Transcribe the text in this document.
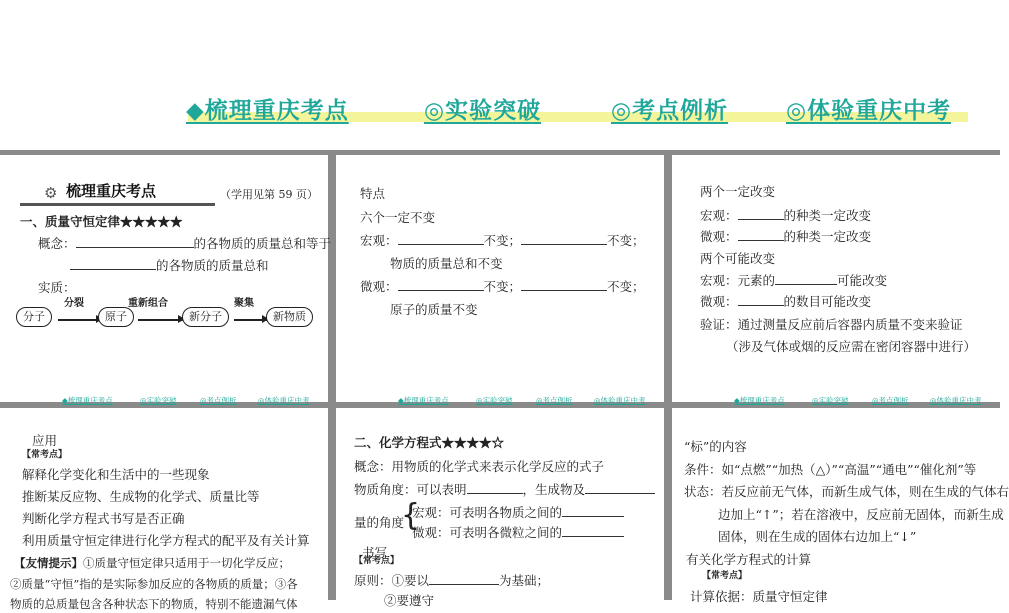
◆梳理重庆考点	◎实验突破	◎考点例析	◎体验重庆中考
⚙ 梳理重庆考点	（学用见第 59 页）
一、质量守恒定律★★★★★
概念：	的各物质的质量总和等于
的各物质的质量总和
实质：
分子
分裂
原子
重新组合
新分子
聚集
新物质
◆梳理重庆考点	◎实验突破	◎考点例析	◎体验重庆中考
特点
六个一定不变
宏观：	不变；	不变；
物质的质量总和不变
微观：	不变；	不变；
原子的质量不变
◆梳理重庆考点	◎实验突破	◎考点例析	◎体验重庆中考
两个一定改变
宏观：	的种类一定改变
微观：	的种类一定改变
两个可能改变
宏观：元素的	可能改变
微观：	的数目可能改变
验证：通过测量反应前后容器内质量不变来验证
（涉及气体或烟的反应需在密闭容器中进行）
◆梳理重庆考点	◎实验突破	◎考点例析	◎体验重庆中考
应用
【常考点】
解释化学变化和生活中的一些现象
推断某反应物、生成物的化学式、质量比等
判断化学方程式书写是否正确
利用质量守恒定律进行化学方程式的配平及有关计算
【友情提示】①质量守恒定律只适用于一切化学反应；
②质量“守恒”指的是实际参加反应的各物质的质量；③各
物质的总质量包含各种状态下的物质，特别不能遗漏气体
二、化学方程式★★★★☆
概念：用物质的化学式来表示化学反应的式子
物质角度：可以表明	，生成物及
量的角度
{
宏观：可表明各物质之间的
微观：可表明各微粒之间的
书写
【常考点】
原则：①要以	为基础；
②要遵守
“标”的内容
条件：如“点燃”“加热（△）”“高温”“通电”“催化剂”等
状态：若反应前无气体，而新生成气体，则在生成的气体右
边加上“↑”；若在溶液中，反应前无固体，而新生成
固体，则在生成的固体右边加上“↓”
有关化学方程式的计算
【常考点】
计算依据：质量守恒定律
